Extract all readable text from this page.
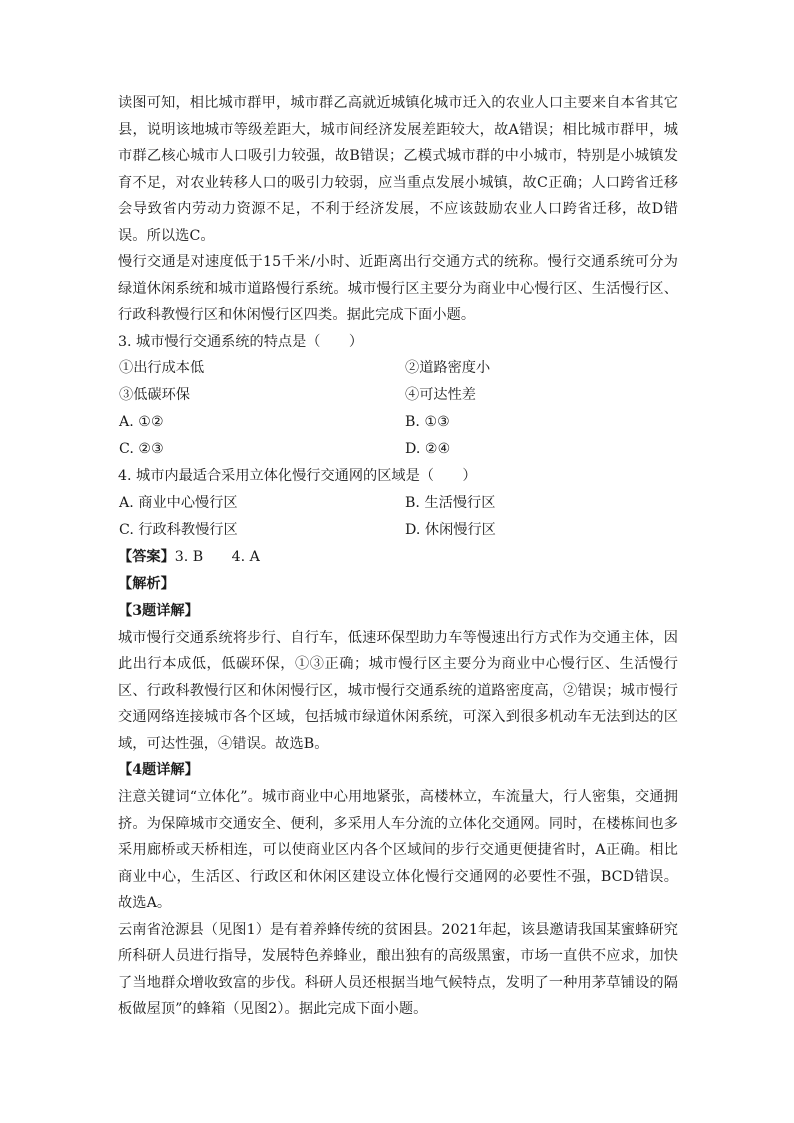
读图可知，相比城市群甲，城市群乙高就近城镇化城市迁入的农业人口主要来自本省其它县，说明该地城市等级差距大，城市间经济发展差距较大，故A错误；相比城市群甲，城市群乙核心城市人口吸引力较强，故B错误；乙模式城市群的中小城市，特别是小城镇发育不足，对农业转移人口的吸引力较弱，应当重点发展小城镇，故C正确；人口跨省迁移会导致省内劳动力资源不足，不利于经济发展，不应该鼓励农业人口跨省迁移，故D错误。所以选C。

慢行交通是对速度低于15千米/小时、近距离出行交通方式的统称。慢行交通系统可分为绿道休闲系统和城市道路慢行系统。城市慢行区主要分为商业中心慢行区、生活慢行区、行政科教慢行区和休闲慢行区四类。据此完成下面小题。

3. 城市慢行交通系统的特点是（　　）

①出行成本低	②道路密度小
③低碳环保	④可达性差
A. ①②	B. ①③
C. ②③	D. ②④

4. 城市内最适合采用立体化慢行交通网的区域是（　　）

A. 商业中心慢行区	B. 生活慢行区
C. 行政科教慢行区	D. 休闲慢行区

【答案】3. B　　4. A

【解析】

【3题详解】

城市慢行交通系统将步行、自行车，低速环保型助力车等慢速出行方式作为交通主体，因此出行本成低，低碳环保，①③正确；城市慢行区主要分为商业中心慢行区、生活慢行区、行政科教慢行区和休闲慢行区，城市慢行交通系统的道路密度高，②错误；城市慢行交通网络连接城市各个区域，包括城市绿道休闲系统，可深入到很多机动车无法到达的区域，可达性强，④错误。故选B。

【4题详解】

注意关键词“立体化”。城市商业中心用地紧张，高楼林立，车流量大，行人密集，交通拥挤。为保障城市交通安全、便利，多采用人车分流的立体化交通网。同时，在楼栋间也多采用廊桥或天桥相连，可以使商业区内各个区域间的步行交通更便捷省时，A正确。相比商业中心，生活区、行政区和休闲区建设立体化慢行交通网的必要性不强，BCD错误。故选A。

云南省沧源县（见图1）是有着养蜂传统的贫困县。2021年起，该县邀请我国某蜜蜂研究所科研人员进行指导，发展特色养蜂业，酿出独有的高级黑蜜，市场一直供不应求，加快了当地群众增收致富的步伐。科研人员还根据当地气候特点，发明了一种用茅草铺设的隔板做屋顶”的蜂箱（见图2）。据此完成下面小题。
